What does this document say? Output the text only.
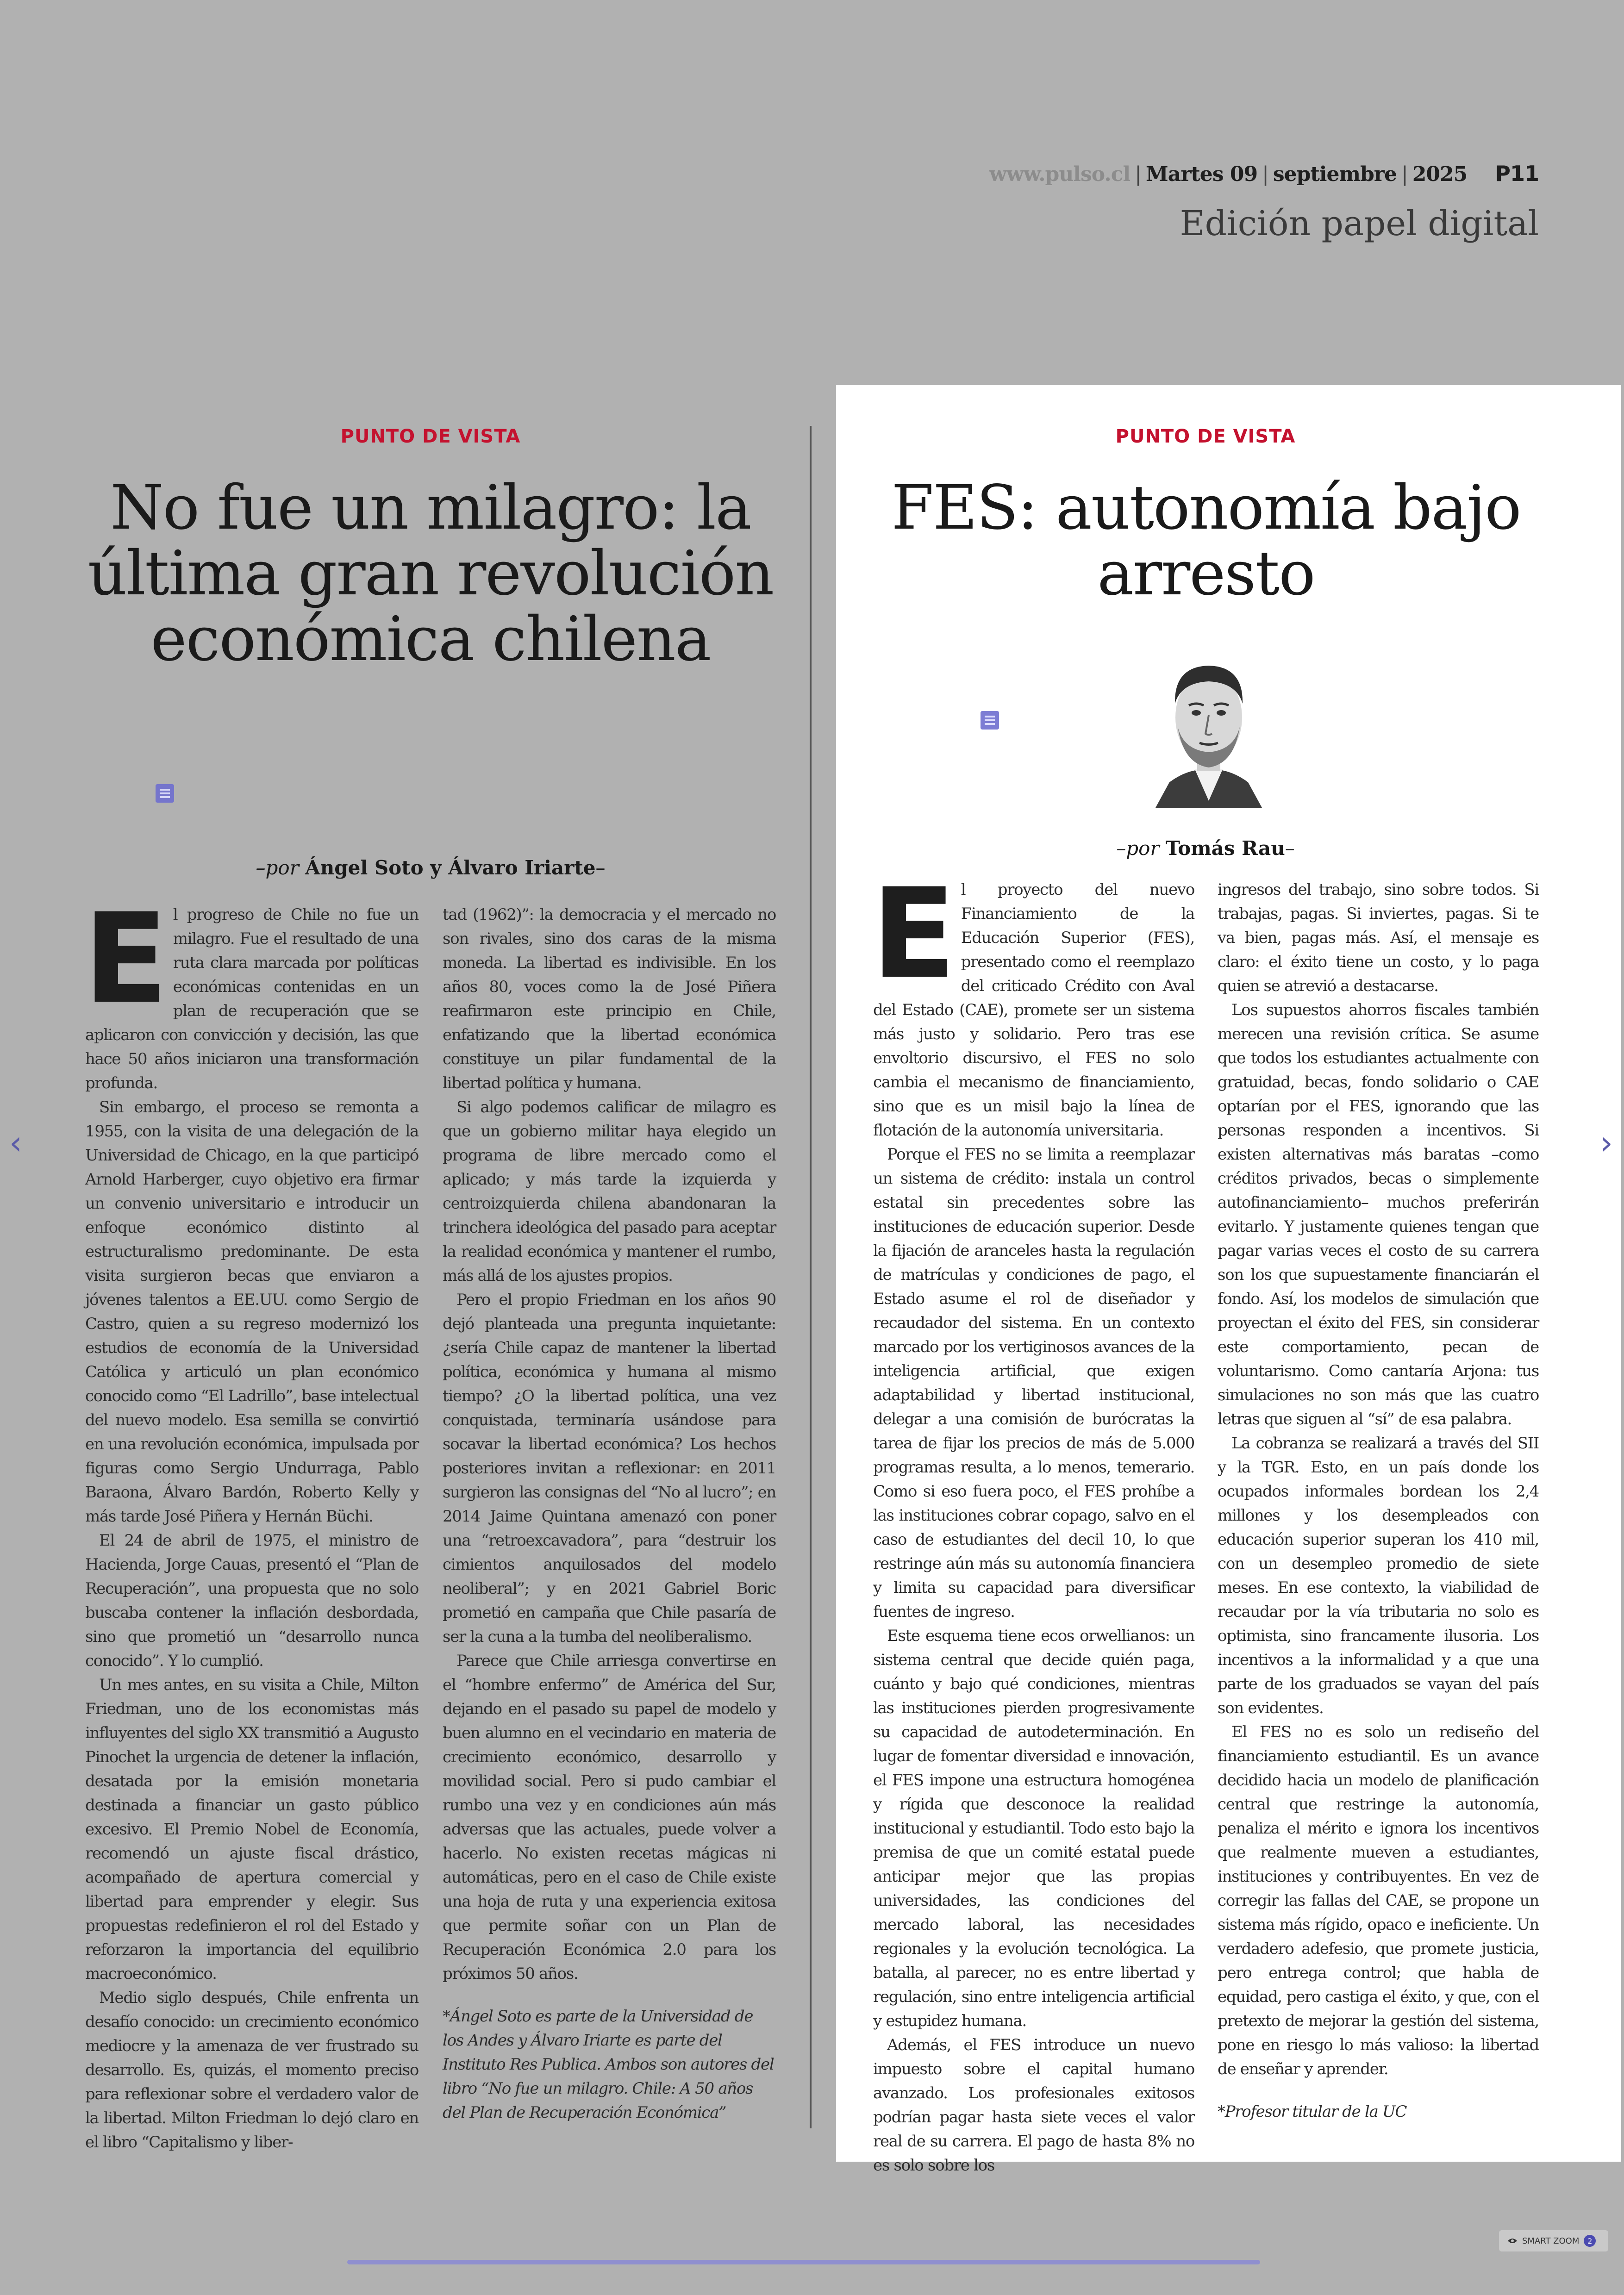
www.pulso.cl | Martes 09 | septiembre | 2025 P11
Edición papel digital
PUNTO DE VISTA
No fue un milagro: la última gran revolución económica chilena
–por Ángel Soto y Álvaro Iriarte–
E l progreso de Chile no fue un milagro. Fue el resultado de una ruta clara marcada por políticas económicas contenidas en un plan de recuperación que se aplicaron con convicción y decisión, las que hace 50 años iniciaron una transformación profunda.

Sin embargo, el proceso se remonta a 1955, con la visita de una delegación de la Universidad de Chicago, en la que participó Arnold Harberger, cuyo objetivo era firmar un convenio universitario e introducir un enfoque económico distinto al estructuralismo predominante. De esta visita surgieron becas que enviaron a jóvenes talentos a EE.UU. como Sergio de Castro, quien a su regreso modernizó los estudios de economía de la Universidad Católica y articuló un plan económico conocido como “El Ladrillo”, base intelectual del nuevo modelo. Esa semilla se convirtió en una revolución económica, impulsada por figuras como Sergio Undurraga, Pablo Baraona, Álvaro Bardón, Roberto Kelly y más tarde José Piñera y Hernán Büchi.

El 24 de abril de 1975, el ministro de Hacienda, Jorge Cauas, presentó el “Plan de Recuperación”, una propuesta que no solo buscaba contener la inflación desbordada, sino que prometió un “desarrollo nunca conocido”. Y lo cumplió.

Un mes antes, en su visita a Chile, Milton Friedman, uno de los economistas más influyentes del siglo XX transmitió a Augusto Pinochet la urgencia de detener la inflación, desatada por la emisión monetaria destinada a financiar un gasto público excesivo. El Premio Nobel de Economía, recomendó un ajuste fiscal drástico, acompañado de apertura comercial y libertad para emprender y elegir. Sus propuestas redefinieron el rol del Estado y reforzaron la importancia del equilibrio macroeconómico.

Medio siglo después, Chile enfrenta un desafío conocido: un crecimiento económico mediocre y la amenaza de ver frustrado su desarrollo. Es, quizás, el momento preciso para reflexionar sobre el verdadero valor de la libertad. Milton Friedman lo dejó claro en el libro “Capitalismo y liber-

tad (1962)”: la democracia y el mercado no son rivales, sino dos caras de la misma moneda. La libertad es indivisible. En los años 80, voces como la de José Piñera reafirmaron este principio en Chile, enfatizando que la libertad económica constituye un pilar fundamental de la libertad política y humana.

Si algo podemos calificar de milagro es que un gobierno militar haya elegido un programa de libre mercado como el aplicado; y más tarde la izquierda y centroizquierda chilena abandonaran la trinchera ideológica del pasado para aceptar la realidad económica y mantener el rumbo, más allá de los ajustes propios.

Pero el propio Friedman en los años 90 dejó planteada una pregunta inquietante: ¿sería Chile capaz de mantener la libertad política, económica y humana al mismo tiempo? ¿O la libertad política, una vez conquistada, terminaría usándose para socavar la libertad económica? Los hechos posteriores invitan a reflexionar: en 2011 surgieron las consignas del “No al lucro”; en 2014 Jaime Quintana amenazó con poner una “retroexcavadora”, para “destruir los cimientos anquilosados del modelo neoliberal”; y en 2021 Gabriel Boric prometió en campaña que Chile pasaría de ser la cuna a la tumba del neoliberalismo.

Parece que Chile arriesga convertirse en el “hombre enfermo” de América del Sur, dejando en el pasado su papel de modelo y buen alumno en el vecindario en materia de crecimiento económico, desarrollo y movilidad social. Pero si pudo cambiar el rumbo una vez y en condiciones aún más adversas que las actuales, puede volver a hacerlo. No existen recetas mágicas ni automáticas, pero en el caso de Chile existe una hoja de ruta y una experiencia exitosa que permite soñar con un Plan de Recuperación Económica 2.0 para los próximos 50 años.

*Ángel Soto es parte de la Universidad de los Andes y Álvaro Iriarte es parte del Instituto Res Publica. Ambos son autores del libro “No fue un milagro. Chile: A 50 años del Plan de Recuperación Económica”

PUNTO DE VISTA
FES: autonomía bajo arresto
–por Tomás Rau–
E l proyecto del nuevo Financiamiento de la Educación Superior (FES), presentado como el reemplazo del criticado Crédito con Aval del Estado (CAE), promete ser un sistema más justo y solidario. Pero tras ese envoltorio discursivo, el FES no solo cambia el mecanismo de financiamiento, sino que es un misil bajo la línea de flotación de la autonomía universitaria.

Porque el FES no se limita a reemplazar un sistema de crédito: instala un control estatal sin precedentes sobre las instituciones de educación superior. Desde la fijación de aranceles hasta la regulación de matrículas y condiciones de pago, el Estado asume el rol de diseñador y recaudador del sistema. En un contexto marcado por los vertiginosos avances de la inteligencia artificial, que exigen adaptabilidad y libertad institucional, delegar a una comisión de burócratas la tarea de fijar los precios de más de 5.000 programas resulta, a lo menos, temerario. Como si eso fuera poco, el FES prohíbe a las instituciones cobrar copago, salvo en el caso de estudiantes del decil 10, lo que restringe aún más su autonomía financiera y limita su capacidad para diversificar fuentes de ingreso.

Este esquema tiene ecos orwellianos: un sistema central que decide quién paga, cuánto y bajo qué condiciones, mientras las instituciones pierden progresivamente su capacidad de autodeterminación. En lugar de fomentar diversidad e innovación, el FES impone una estructura homogénea y rígida que desconoce la realidad institucional y estudiantil. Todo esto bajo la premisa de que un comité estatal puede anticipar mejor que las propias universidades, las condiciones del mercado laboral, las necesidades regionales y la evolución tecnológica. La batalla, al parecer, no es entre libertad y regulación, sino entre inteligencia artificial y estupidez humana.

Además, el FES introduce un nuevo impuesto sobre el capital humano avanzado. Los profesionales exitosos podrían pagar hasta siete veces el valor real de su carrera. El pago de hasta 8% no es solo sobre los

ingresos del trabajo, sino sobre todos. Si trabajas, pagas. Si inviertes, pagas. Si te va bien, pagas más. Así, el mensaje es claro: el éxito tiene un costo, y lo paga quien se atrevió a destacarse.

Los supuestos ahorros fiscales también merecen una revisión crítica. Se asume que todos los estudiantes actualmente con gratuidad, becas, fondo solidario o CAE optarían por el FES, ignorando que las personas responden a incentivos. Si existen alternativas más baratas –como créditos privados, becas o simplemente autofinanciamiento– muchos preferirán evitarlo. Y justamente quienes tengan que pagar varias veces el costo de su carrera son los que supuestamente financiarán el fondo. Así, los modelos de simulación que proyectan el éxito del FES, sin considerar este comportamiento, pecan de voluntarismo. Como cantaría Arjona: tus simulaciones no son más que las cuatro letras que siguen al “sí” de esa palabra.

La cobranza se realizará a través del SII y la TGR. Esto, en un país donde los ocupados informales bordean los 2,4 millones y los desempleados con educación superior superan los 410 mil, con un desempleo promedio de siete meses. En ese contexto, la viabilidad de recaudar por la vía tributaria no solo es optimista, sino francamente ilusoria. Los incentivos a la informalidad y a que una parte de los graduados se vayan del país son evidentes.

El FES no es solo un rediseño del financiamiento estudiantil. Es un avance decidido hacia un modelo de planificación central que restringe la autonomía, penaliza el mérito e ignora los incentivos que realmente mueven a estudiantes, instituciones y contribuyentes. En vez de corregir las fallas del CAE, se propone un sistema más rígido, opaco e ineficiente. Un verdadero adefesio, que promete justicia, pero entrega control; que habla de equidad, pero castiga el éxito, y que, con el pretexto de mejorar la gestión del sistema, pone en riesgo lo más valioso: la libertad de enseñar y aprender.

*Profesor titular de la UC

‹	›
SMART ZOOM	2
